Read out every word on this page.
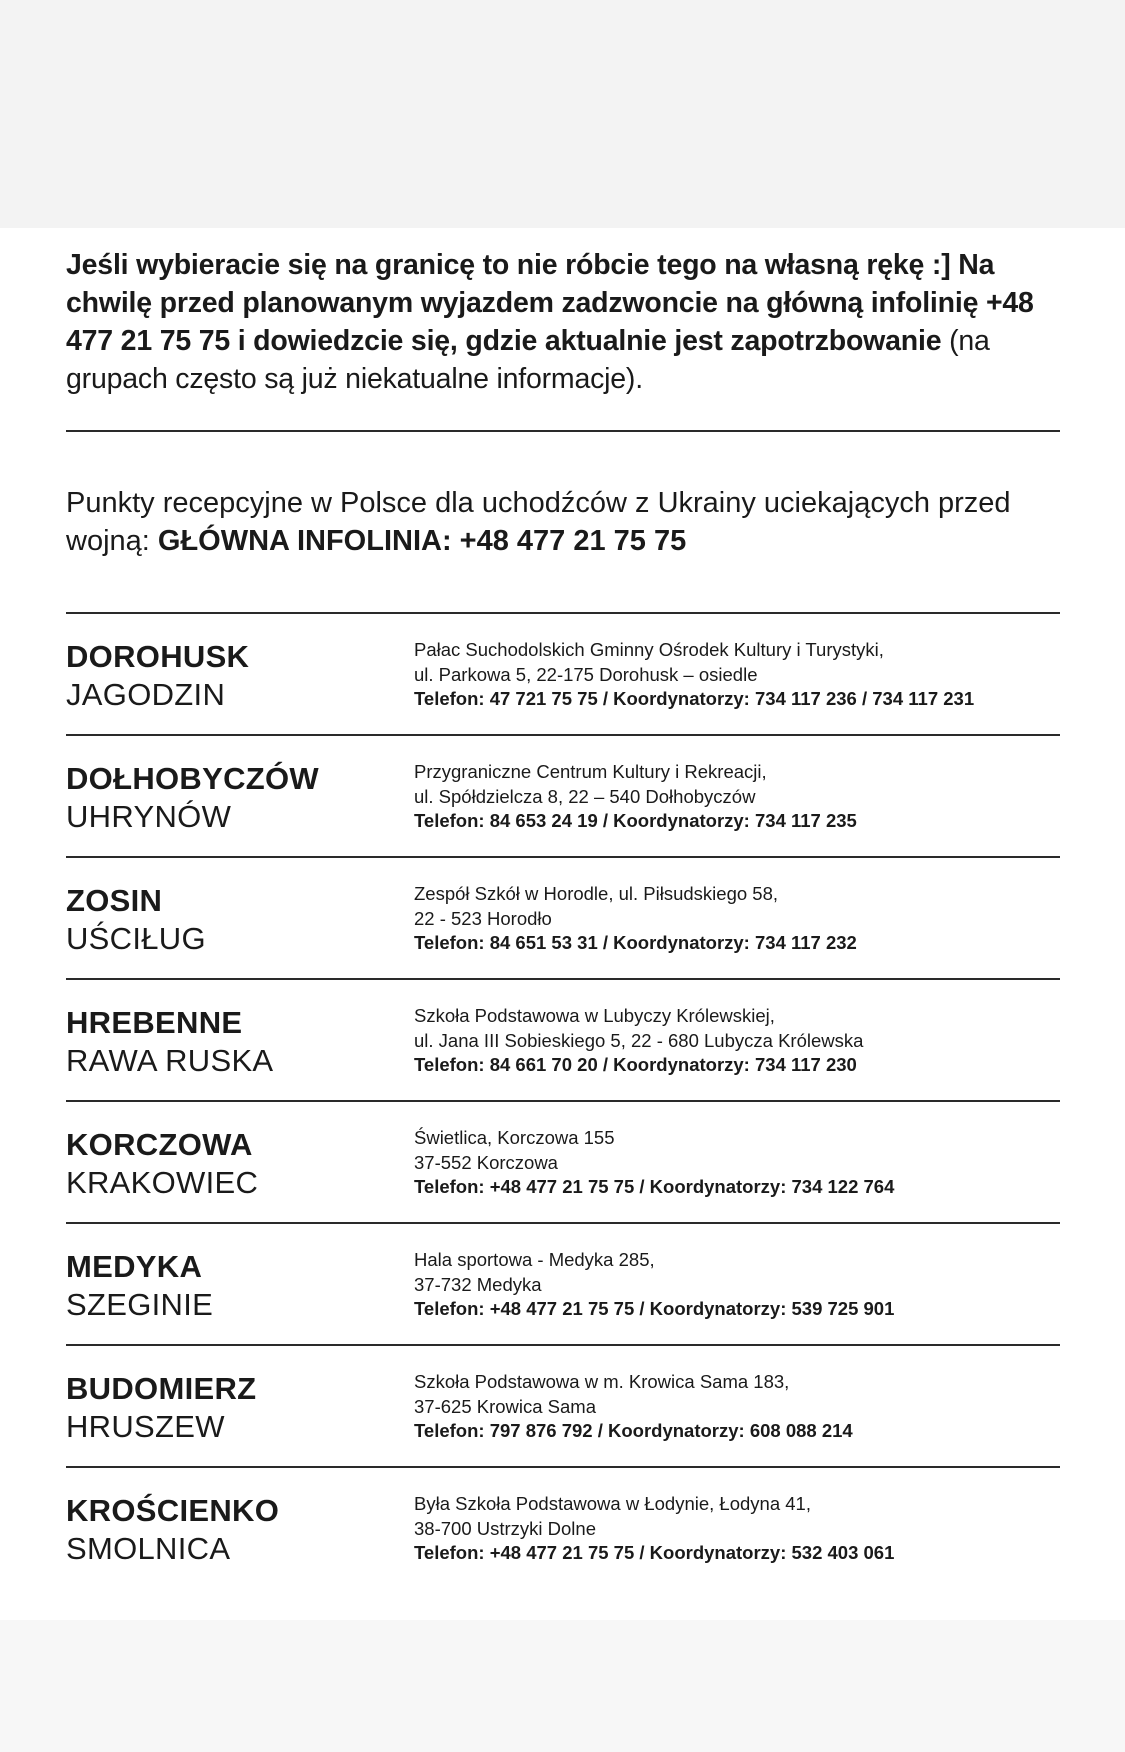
Jeśli wybieracie się na granicę to nie róbcie tego na własną rękę :] Na chwilę przed planowanym wyjazdem zadzwoncie na główną infolinię +48 477 21 75 75 i dowiedzcie się, gdzie aktualnie jest zapotrzbowanie (na grupach często są już niekatualne informacje).
Punkty recepcyjne w Polsce dla uchodźców z Ukrainy uciekających przed wojną: GŁÓWNA INFOLINIA: +48 477 21 75 75
DOROHUSK
JAGODZIN
Pałac Suchodolskich Gminny Ośrodek Kultury i Turystyki,
ul. Parkowa 5, 22-175 Dorohusk – osiedle
Telefon: 47 721 75 75 / Koordynatorzy: 734 117 236 / 734 117 231
DOŁHOBYCZÓW
UHRYNÓW
Przygraniczne Centrum Kultury i Rekreacji,
ul. Spółdzielcza 8, 22 – 540 Dołhobyczów
Telefon: 84 653 24 19 / Koordynatorzy: 734 117 235
ZOSIN
UŚCIŁUG
Zespół Szkół w Horodle, ul. Piłsudskiego 58,
22 - 523 Horodło
Telefon: 84 651 53 31 / Koordynatorzy: 734 117 232
HREBENNE
RAWA RUSKA
Szkoła Podstawowa w Lubyczy Królewskiej,
ul. Jana III Sobieskiego 5, 22 - 680 Lubycza Królewska
Telefon: 84 661 70 20 / Koordynatorzy: 734 117 230
KORCZOWA
KRAKOWIEC
Świetlica, Korczowa 155
37-552 Korczowa
Telefon: +48 477 21 75 75 / Koordynatorzy: 734 122 764
MEDYKA
SZEGINIE
Hala sportowa - Medyka 285,
37-732 Medyka
Telefon: +48 477 21 75 75 / Koordynatorzy: 539 725 901
BUDOMIERZ
HRUSZEW
Szkoła Podstawowa w m. Krowica Sama 183,
37-625 Krowica Sama
Telefon: 797 876 792 / Koordynatorzy: 608 088 214
KROŚCIENKO
SMOLNICA
Była Szkoła Podstawowa w Łodynie, Łodyna 41,
38-700 Ustrzyki Dolne
Telefon: +48 477 21 75 75 / Koordynatorzy: 532 403 061
